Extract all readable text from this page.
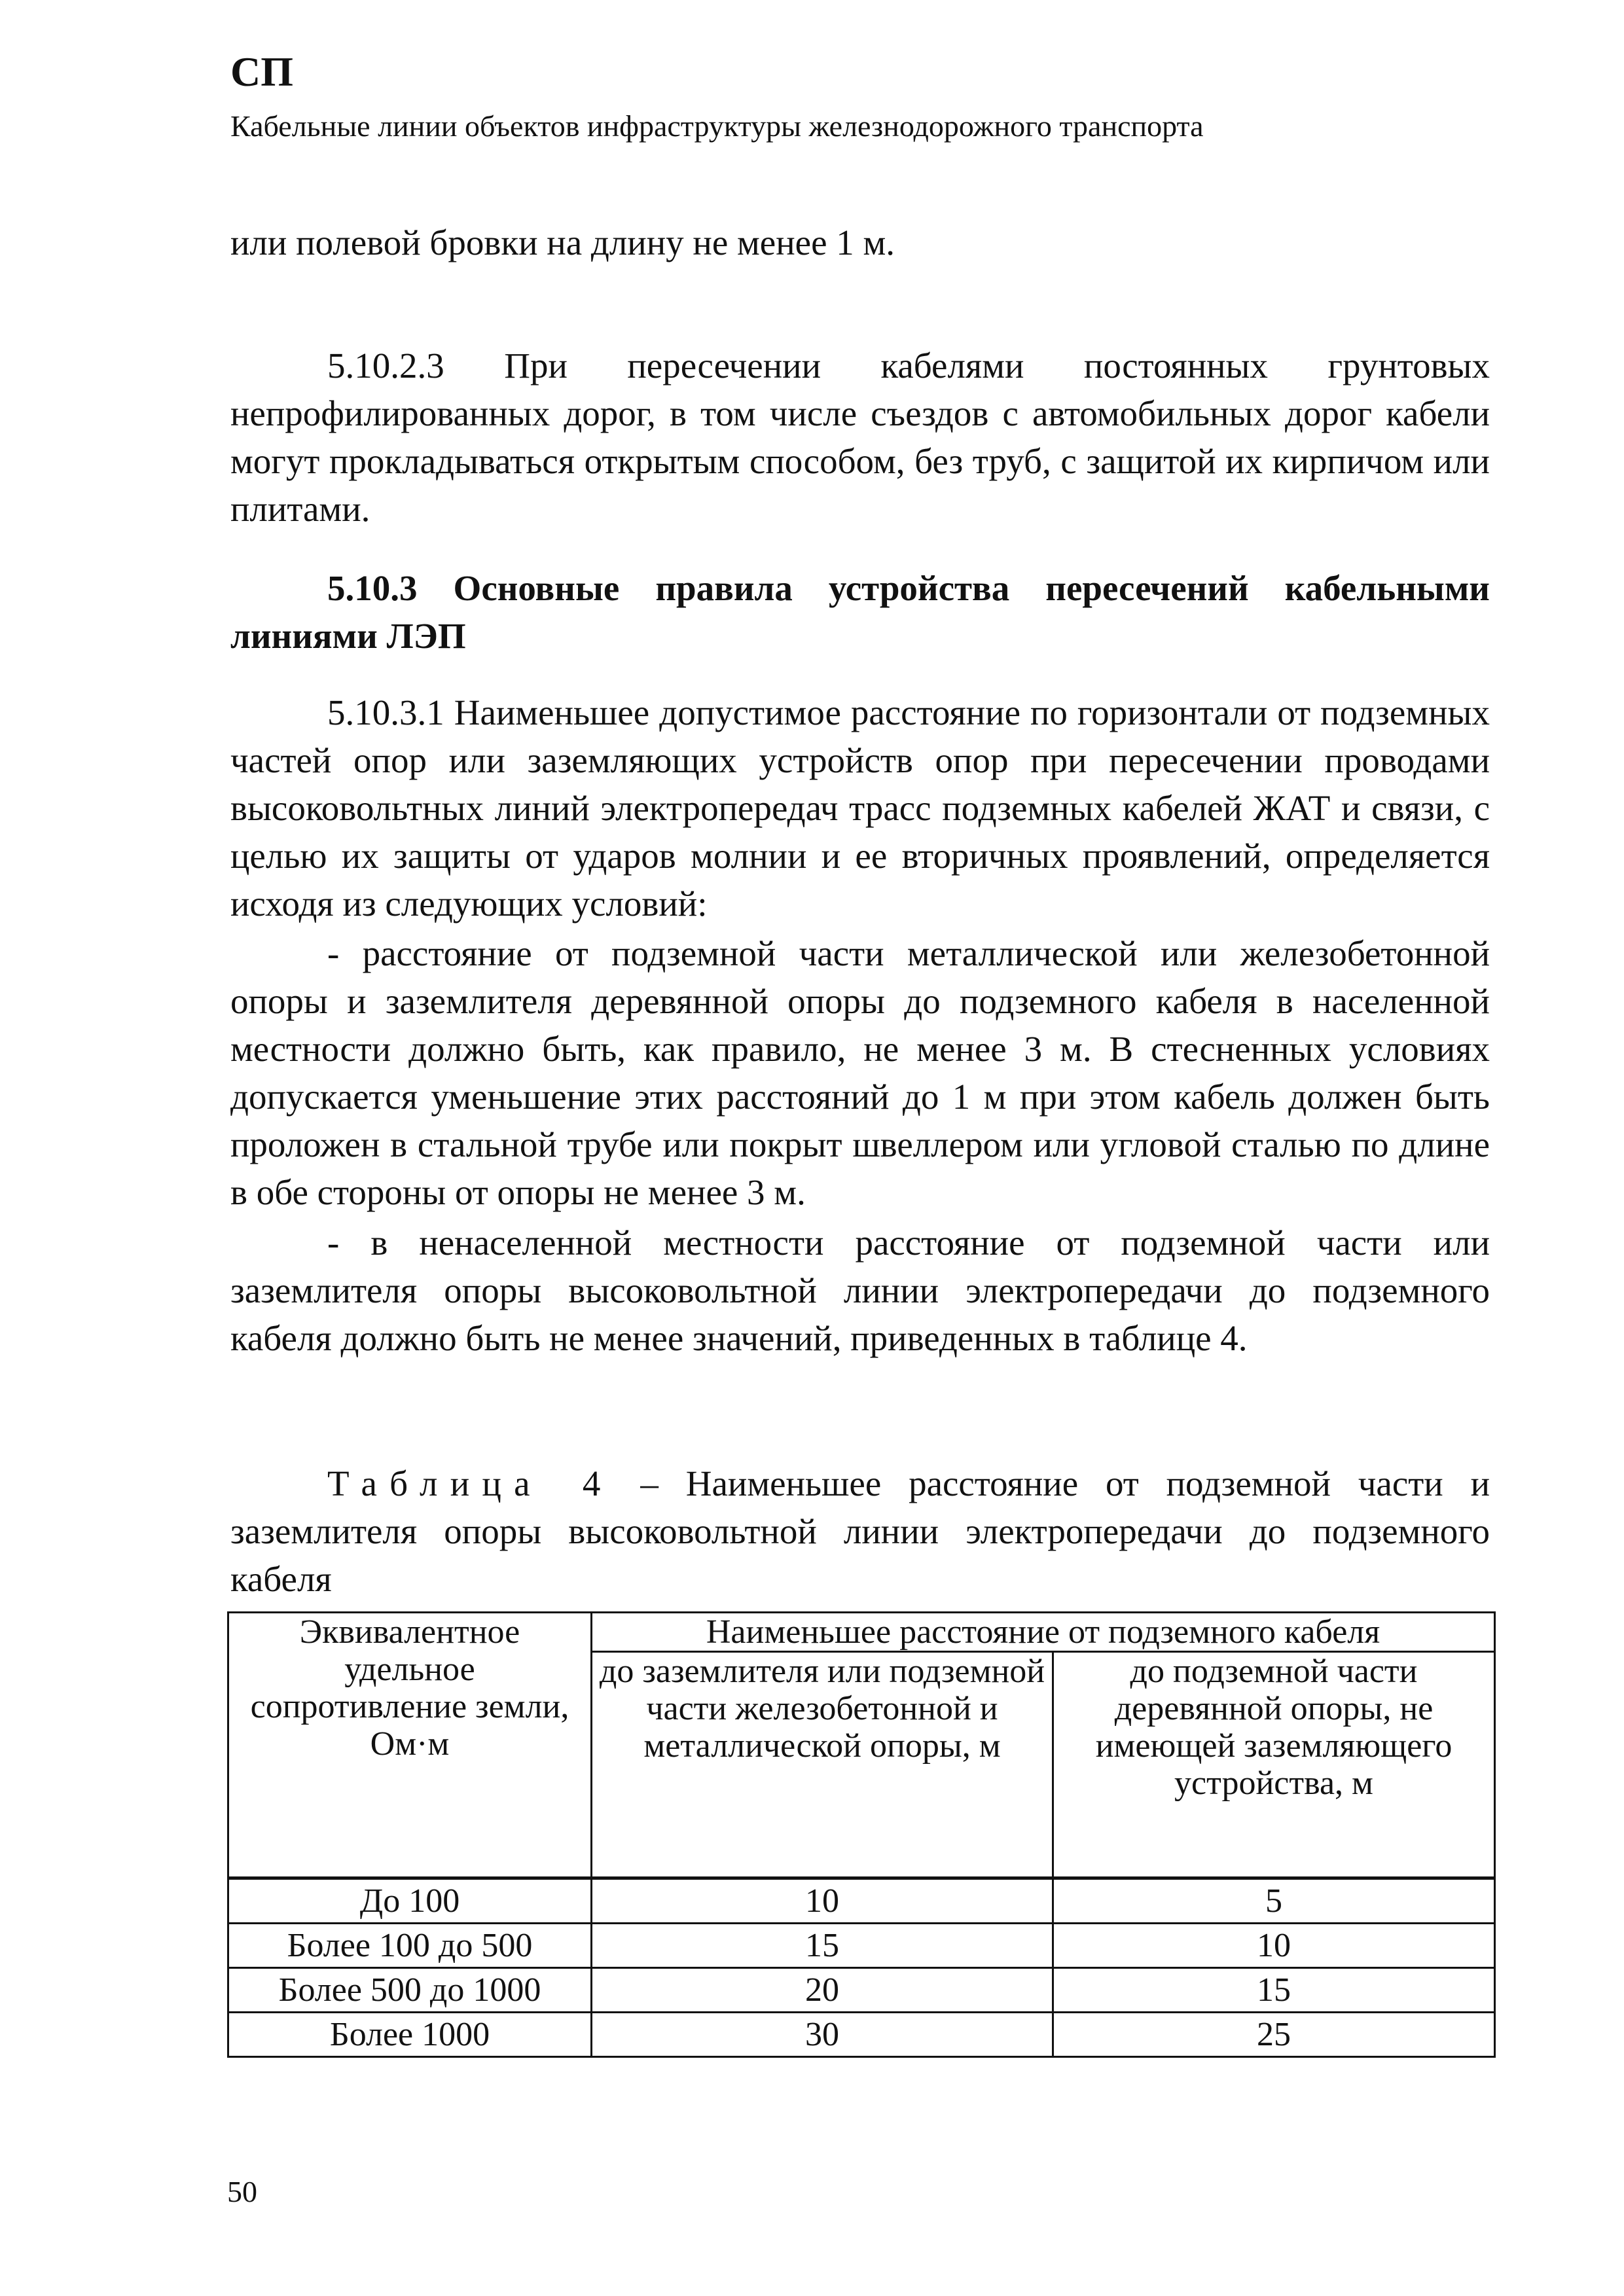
СП
Кабельные линии объектов инфраструктуры железнодорожного транспорта

или полевой бровки на длину не менее 1 м.

5.10.2.3 При пересечении кабелями постоянных грунтовых непрофилированных дорог, в том числе съездов с автомобильных дорог кабели могут прокладываться открытым способом, без труб, с защитой их кирпичом или плитами.

5.10.3 Основные правила устройства пересечений кабельными линиями ЛЭП

5.10.3.1 Наименьшее допустимое расстояние по горизонтали от подземных частей опор или заземляющих устройств опор при пересечении проводами высоковольтных линий электропередач трасс подземных кабелей ЖАТ и связи, с целью их защиты от ударов молнии и ее вторичных проявлений, определяется исходя из следующих условий:

- расстояние от подземной части металлической или железобетонной опоры и заземлителя деревянной опоры до подземного кабеля в населенной местности должно быть, как правило, не менее 3 м. В стесненных условиях допускается уменьшение этих расстояний до 1 м при этом кабель должен быть проложен в стальной трубе или покрыт швеллером или угловой сталью по длине в обе стороны от опоры не менее 3 м.

- в ненаселенной местности расстояние от подземной части или заземлителя опоры высоковольтной линии электропередачи до подземного кабеля должно быть не менее значений, приведенных в таблице 4.

Таблица 4 – Наименьшее расстояние от подземной части и заземлителя опоры высоковольтной линии электропередачи до подземного кабеля

Эквивалентное удельное сопротивление земли, Ом·м	Наименьшее расстояние от подземного кабеля	
	до заземлителя или подземной части железобетонной и металлической опоры, м	до подземной части деревянной опоры, не имеющей заземляющего устройства, м
До 100	10	5
Более 100 до 500	15	10
Более 500 до 1000	20	15
Более 1000	30	25
50
